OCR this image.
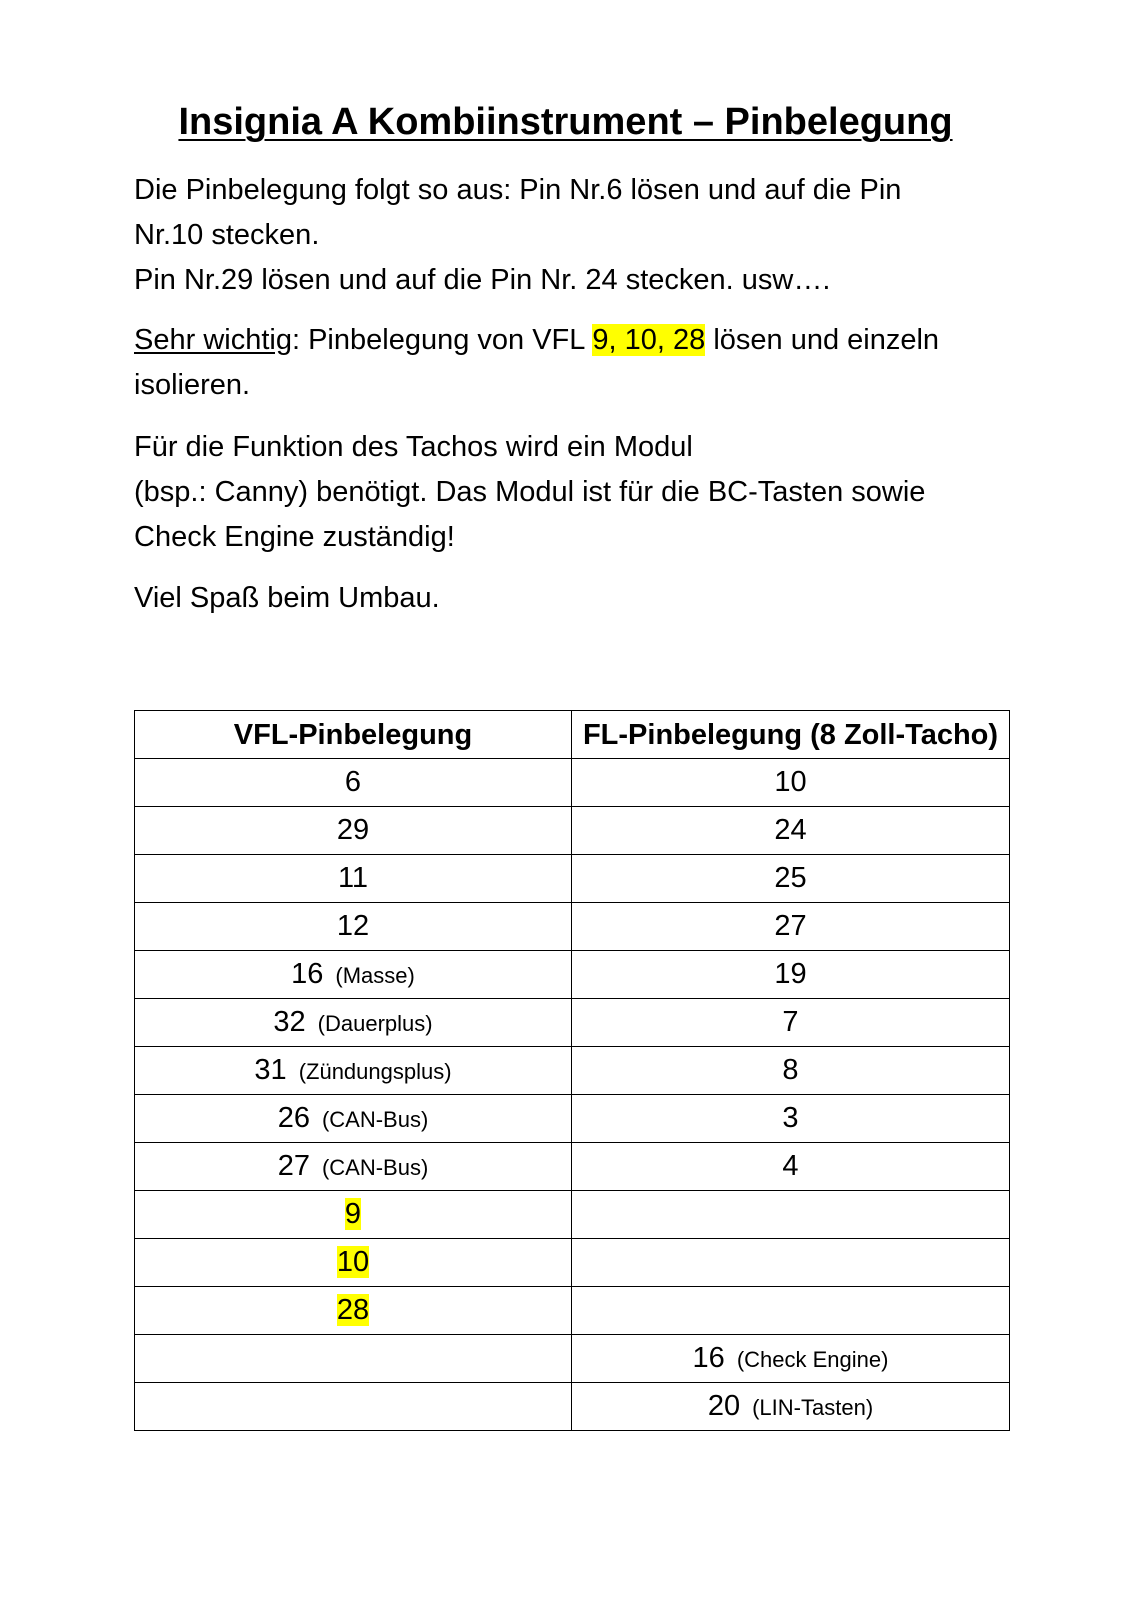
Insignia A Kombiinstrument – Pinbelegung
Die Pinbelegung folgt so aus: Pin Nr.6 lösen und auf die Pin
Nr.10 stecken.
Pin Nr.29 lösen und auf die Pin Nr. 24 stecken. usw….
Sehr wichtig: Pinbelegung von VFL 9, 10, 28 lösen und einzeln
isolieren.
Für die Funktion des Tachos wird ein Modul
(bsp.: Canny) benötigt. Das Modul ist für die BC-Tasten sowie
Check Engine zuständig!
Viel Spaß beim Umbau.
VFL-Pinbelegung	FL-Pinbelegung (8 Zoll-Tacho)
6	10
29	24
11	25
12	27
16 (Masse)	19
32 (Dauerplus)	7
31 (Zündungsplus)	8
26 (CAN-Bus)	3
27 (CAN-Bus)	4
9	
10	
28	
	16 (Check Engine)
	20 (LIN-Tasten)
